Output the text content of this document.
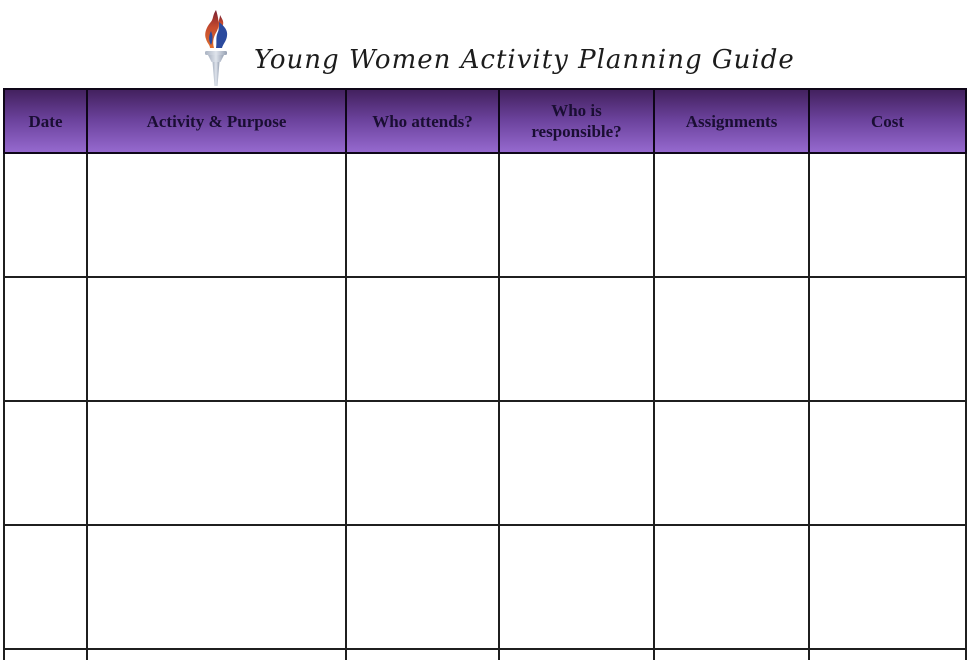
Young Women Activity Planning Guide
Date	Activity & Purpose	Who attends?	Who is responsible?	Assignments	Cost
